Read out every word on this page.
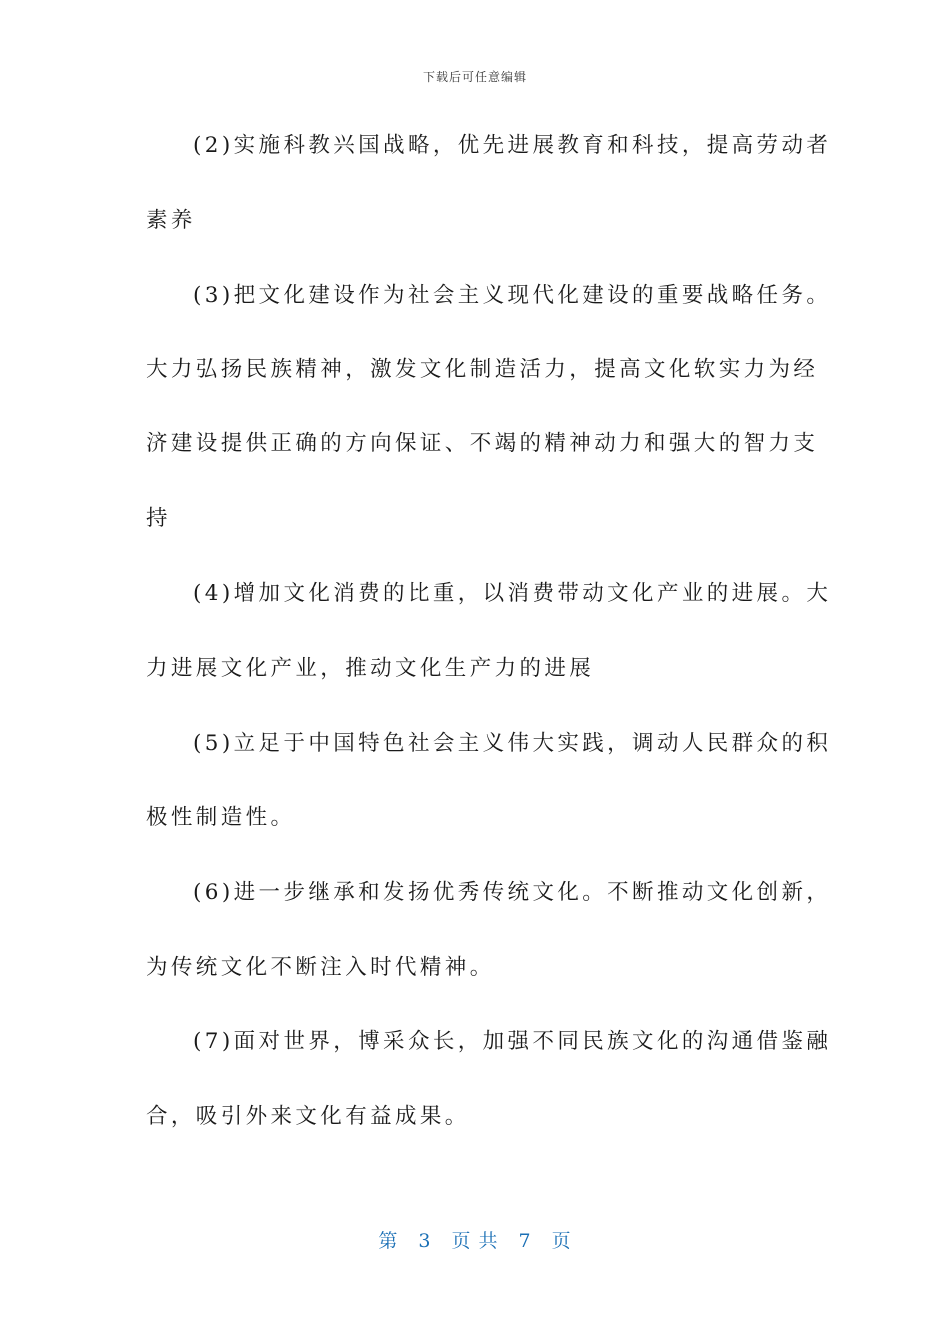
下载后可任意编辑
(2)实施科教兴国战略，优先进展教育和科技，提高劳动者
素养
(3)把文化建设作为社会主义现代化建设的重要战略任务。
大力弘扬民族精神，激发文化制造活力，提高文化软实力为经
济建设提供正确的方向保证、不竭的精神动力和强大的智力支
持
(4)增加文化消费的比重，以消费带动文化产业的进展。大
力进展文化产业，推动文化生产力的进展
(5)立足于中国特色社会主义伟大实践，调动人民群众的积
极性制造性。
(6)进一步继承和发扬优秀传统文化。不断推动文化创新，
为传统文化不断注入时代精神。
(7)面对世界，博采众长，加强不同民族文化的沟通借鉴融
合，吸引外来文化有益成果。
第　3　页 共　7　页
